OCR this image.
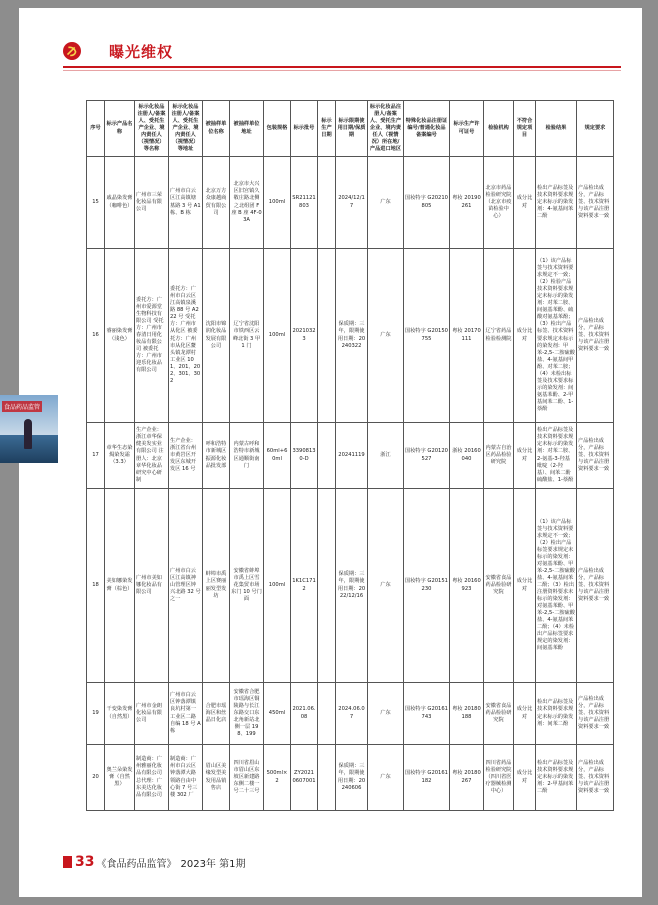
曝光维权
序号	标示产品名称	标示化妆品注册人/备案人、受托生产企业、境内责任人（视情况）等名称	标示化妆品注册人/备案人、受托生产企业、境内责任人（视情况）等地址	被抽样单位名称	被抽样单位地址	包装规格	标示批号	标示生产日期	标示限期使用日期/保质期	标示化妆品注册人/备案人、受托生产企业、境内责任人（视情况）所在地/产品进口地区	特殊化妆品注册证编号/普通化妆品备案编号	标示生产许可证号	检验机构	不符合规定项目	检验结果	规定要求
15	戚晶染发膏（咖啡色）	广州市三荣化妆品有限公司	广州市白云区江高镇塘墓路 3 号 A1 栋、B 栋	北京万方众康越商贸有限公司	北京市大兴区旧宫镇久敬庄路北侧之北组团 F 座 B 座 4F-03A	100ml	SR21121803		2024/12/17	广东	国妆特字 G20210805	粤妆 20190261	北京市药品检验研究院（北京市疫苗检验中心）	成分比对	检出产品标签及技术资料要求规定未标示的染发剂：4-氨基间苯二酚	产品检出成分，产品标签、技术资料与该产品注册资料要求一致
16	睿丽染发膏（浅色）	委托方：广州市爱源堂生物科技有限公司 受托方：广州市春清日用化妆品有限公司 被委托方：广州市迎乐化妆品有限公司	委托方：广州市白云区江高镇泉溪路 88 号 A222 号 受托方：广州市从化区 被委托方：广州市从化区鳌头镇龙潭村工业区 101、201、202、301、302	沈阳市锦润化妆品发展有限公司	辽宁省沈阳市铁西区云峰北街 3 甲 1 门	100ml	20210323		保质期：三年，限期使用日期：20240322	广东	国妆特字 G20150755	粤妆 20170111	辽宁省药品检验检测院	成分比对	（1）该产品标签与技术资料要求规定不一致；（2）检验产品技术资料要求规定未标示的染发剂：对苯二胺、间氨基苯酚、硫酸对氨基苯酚；（3）检出产品标签、技术资料要求规定未标示的染发剂：甲苯-2,5-二胺硫酸盐、4-氨基间甲酚、对苯二胺；（4）未检出标签及技术要求标示的染发剂：间氨基苯酚、2-甲基间苯二酚、1-萘酚	产品检出成分，产品标签、技术资料与该产品注册资料要求一致
17	章华生态染焗染发霜（3.3）	生产企业：浙江章华保健美发实业有限公司 注册人：北京章华化妆品研究中心研制	生产企业：浙江省台州市黄岩区开发区东城开发区 16 号	呼和浩特市新城区振源化妆品批发部	内蒙古呼和浩特市新城区通顺街南门	60ml+60ml	3390813 0-D		20241119	浙江	国妆特字 G20120527	浙妆 20160040	内蒙古自治区药品检验研究院	成分比对	检出产品标签及技术资料要求规定未标示的染发剂：对苯二胺、2-氨基-3-羟基吡啶（2-羟基）、间苯二酚硫酸盐、1-萘酚	产品检出成分，产品标签、技术资料与该产品注册资料要求一致
18	美如娜染发膏（棕色）	广州市美如娜化妆品有限公司	广州市白云区江高镇神山管理区钟兴北路 32 号之一	蚌埠市禹上区赛丽丽发型发坊	安徽省蚌埠市禹上区雪花集贸市场东门 10 号门面	100ml	1K1C1712		保质期：三年，限期使用日期：2022/12/16	广东	国妆特字 G20151230	粤妆 20160923	安徽省食品药品检验研究院	成分比对	（1）该产品标签与技术资料要求规定不一致；（2）检出产品标签要求规定未标示的染发剂：对氨基苯酚、甲苯-2,5-二胺硫酸盐、4-氨基间苯二酚；（3）检出注册资料要求未标示的染发剂：对氨基苯酚、甲苯-2,5-二胺硫酸盐、4-氨基间苯二酚；（4）未检出产品标签要求规定的染发剂：间氨基苯酚	产品检出成分，产品标签、技术资料与该产品注册资料要求一致
19	干变染发膏（自然黑）	广州市金朗化妆品有限公司	广州市白云区钟落潭镇良坑村第一工业区二路自编 18 号 A 栋	合肥市瑶海区和丝晶日化店	安徽省合肥市瑶海区铜陵路与长江东路交口东北角新站北侧一层 198、199	450ml	2021.06.08		2024.06.07	广东	国妆特字 G20161743	粤妆 20180188	安徽省食品药品检验研究院	成分比对	检出产品标签及技术资料要求规定未标示的染发剂：间苯二酚	产品检出成分，产品标签、技术资料与该产品注册资料要求一致
20	奥兰朵染发膏（自然黑）	制造商：广州雅丽化妆品有限公司 总代理：广东美达化妆品有限公司	制造商：广州市白云区钟落潭大路领路自由中心街 7 号三楼 302 厂	眉山区美缘发型美发用品销售店	四川省眉山市眉山区东坡区新建路东侧二楼一号二十三号	500ml×2	ZY2021 0607001		保质期：三年，限期使用日期：20240606	广东	国妆特字 G20161182	粤妆 20180267	四川省药品检验研究院（四川省医疗器械检测中心）	成分比对	检出产品标签及技术资料要求规定未标示的染发剂：2-甲基间苯二酚	产品检出成分，产品标签、技术资料与该产品注册资料要求一致
33 《食品药品监管》 2023年 第1期
食品药品监管
